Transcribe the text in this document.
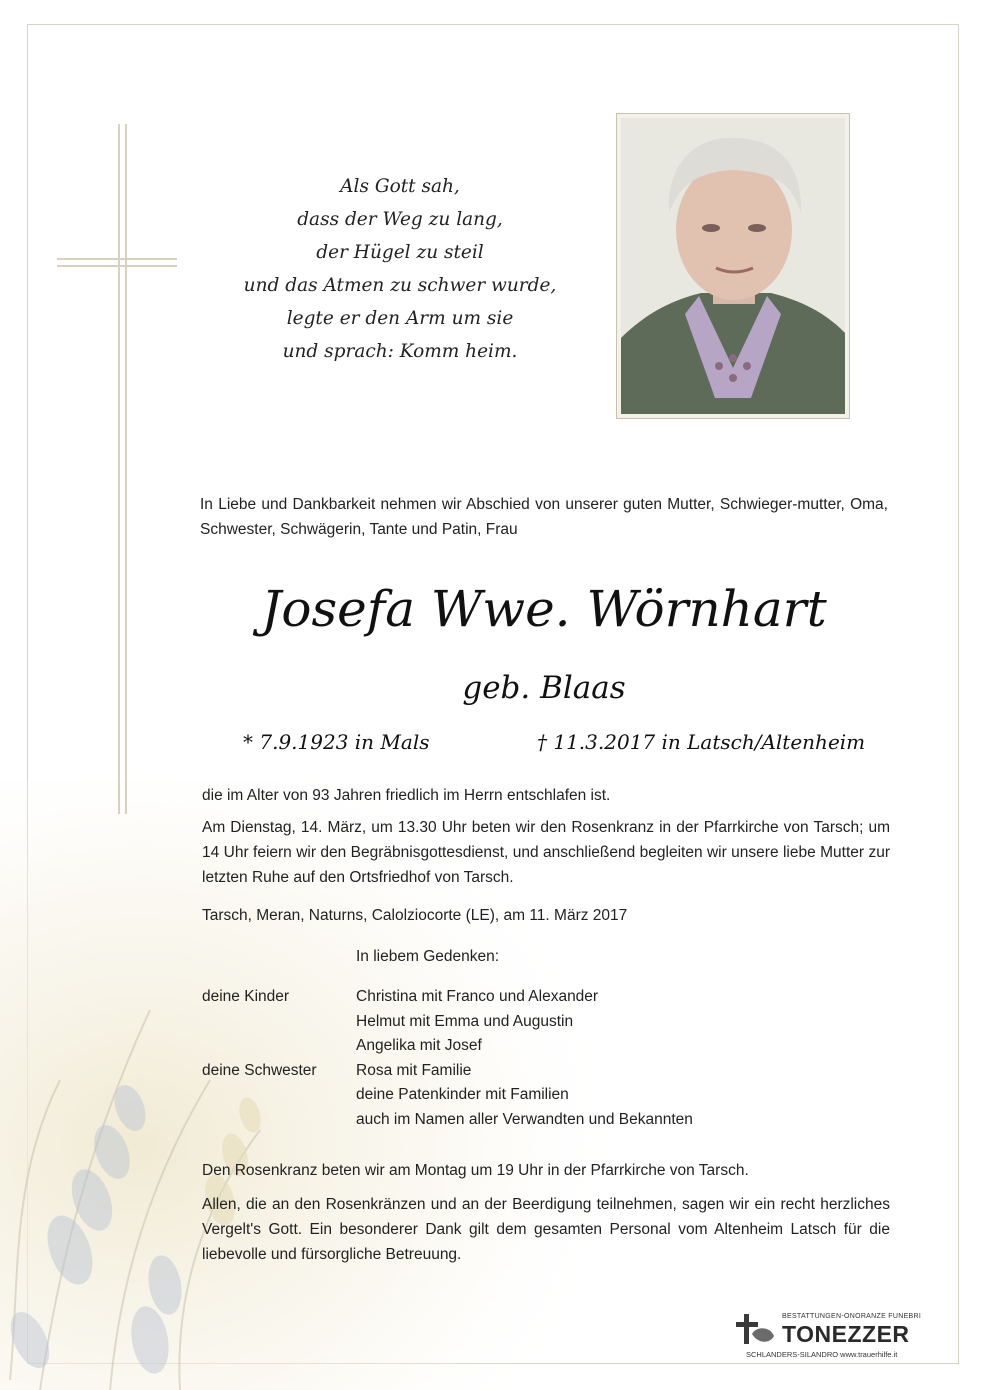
Als Gott sah,
dass der Weg zu lang,
der Hügel zu steil
und das Atmen zu schwer wurde,
legte er den Arm um sie
und sprach: Komm heim.
In Liebe und Dankbarkeit nehmen wir Abschied von unserer guten Mutter, Schwieger-mutter, Oma, Schwester, Schwägerin, Tante und Patin, Frau
Josefa Wwe. Wörnhart
geb. Blaas
* 7.9.1923 in Mals	† 11.3.2017 in Latsch/Altenheim
die im Alter von 93 Jahren friedlich im Herrn entschlafen ist.
Am Dienstag, 14. März, um 13.30 Uhr beten wir den Rosenkranz in der Pfarrkirche von Tarsch; um 14 Uhr feiern wir den Begräbnisgottesdienst, und anschließend begleiten wir unsere liebe Mutter zur letzten Ruhe auf den Ortsfriedhof von Tarsch.
Tarsch, Meran, Naturns, Calolziocorte (LE), am 11. März 2017
In liebem Gedenken:
deine Kinder	Christina mit Franco und Alexander
Helmut mit Emma und Augustin
Angelika mit Josef
deine Schwester	Rosa mit Familie
deine Patenkinder mit Familien
auch im Namen aller Verwandten und Bekannten
Den Rosenkranz beten wir am Montag um 19 Uhr in der Pfarrkirche von Tarsch.
Allen, die an den Rosenkränzen und an der Beerdigung teilnehmen, sagen wir ein recht herzliches Vergelt's Gott. Ein besonderer Dank gilt dem gesamten Personal vom Altenheim Latsch für die liebevolle und fürsorgliche Betreuung.
BESTATTUNGEN-ONORANZE FUNEBRI
TONEZZER
SCHLANDERS-SILANDRO www.trauerhilfe.it
